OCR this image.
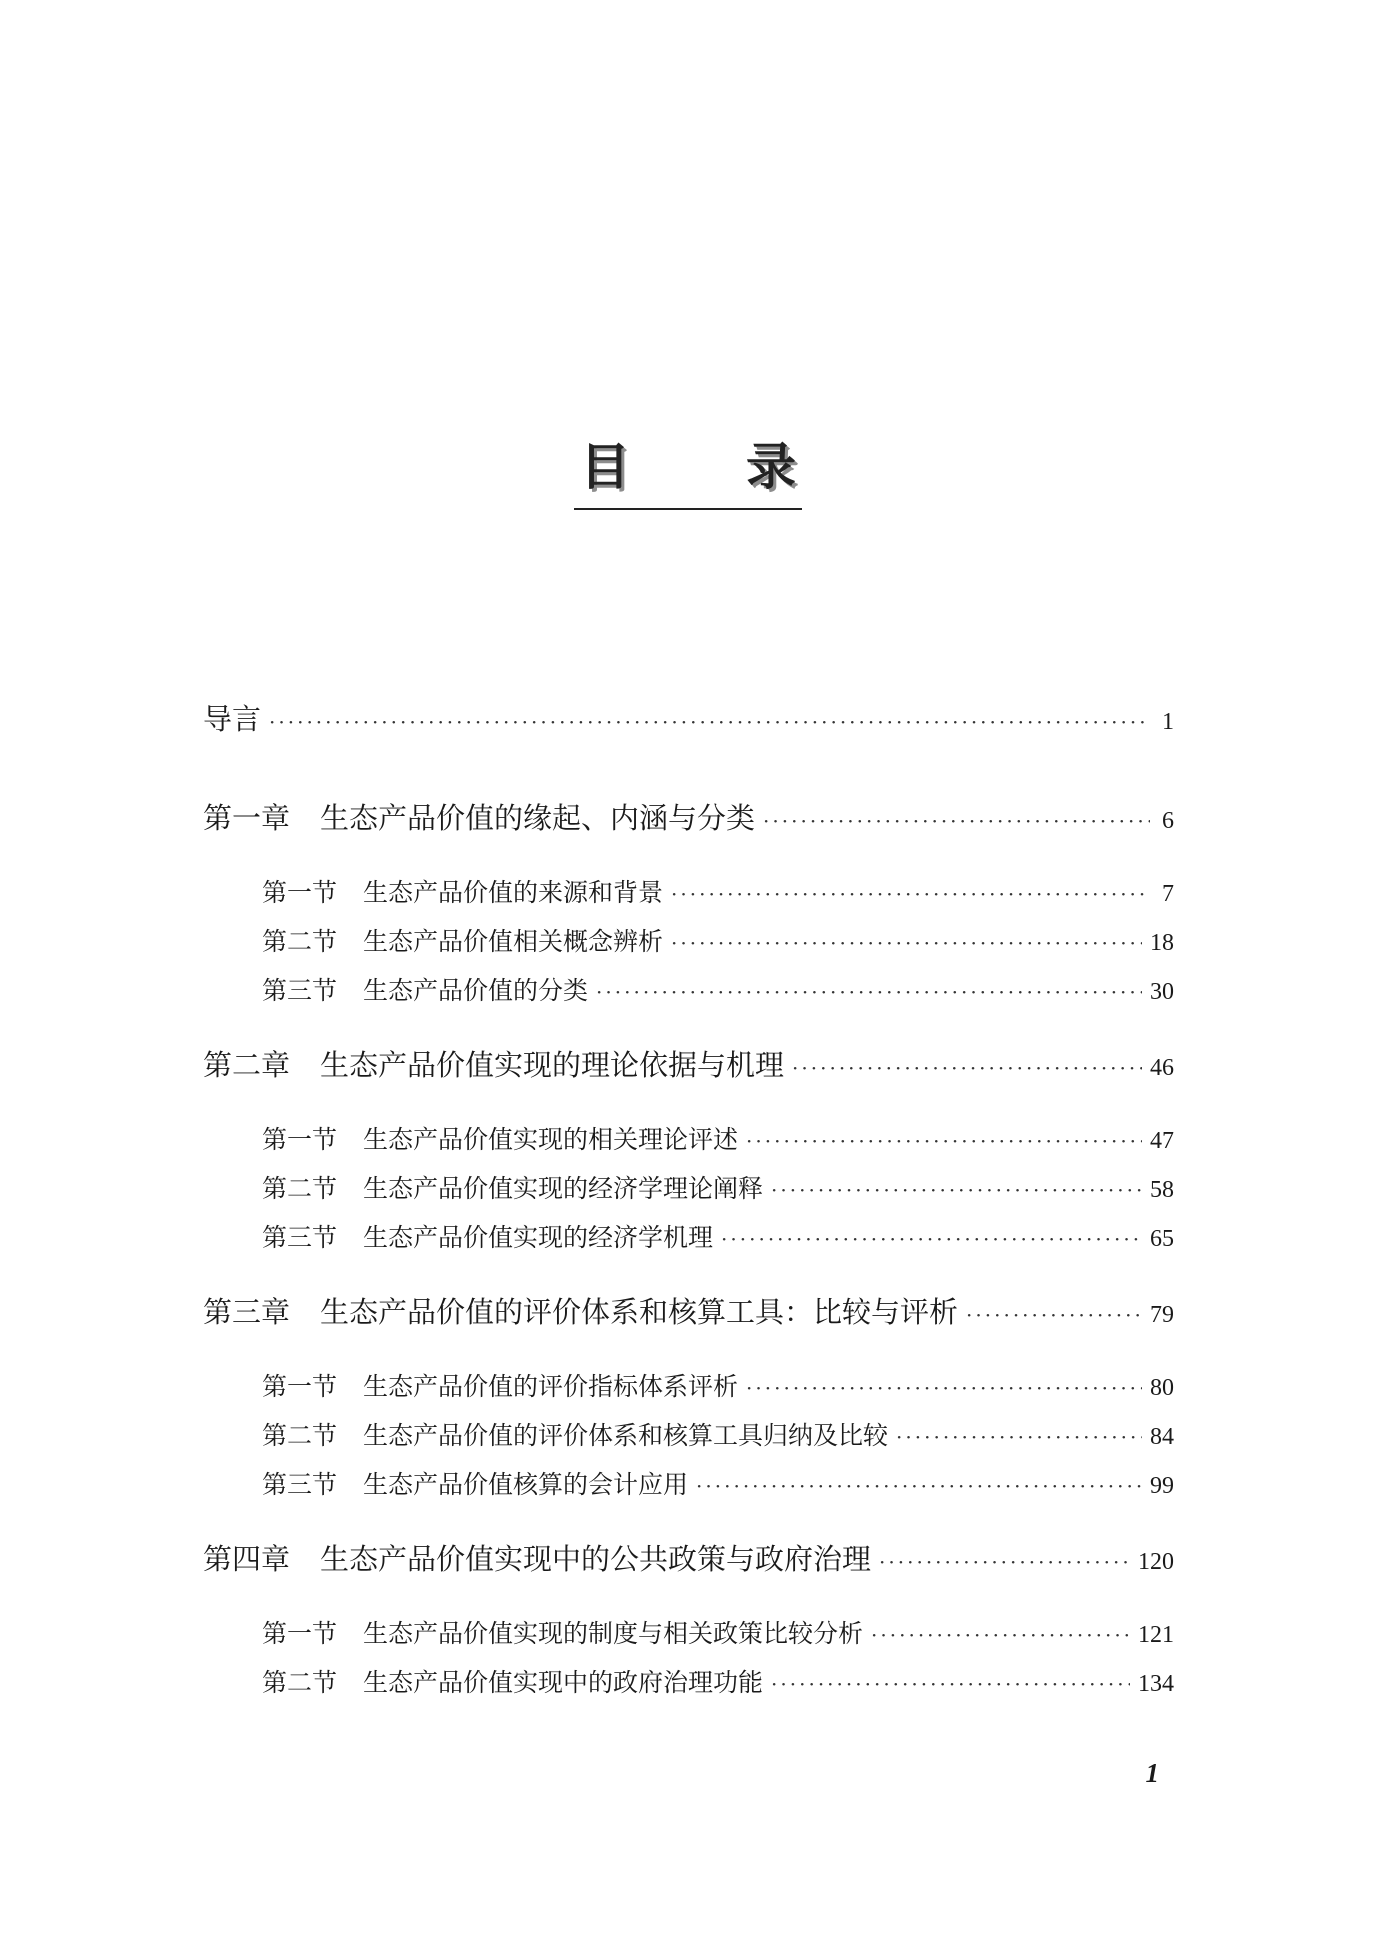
目 录
导言 ·····	1
第一章 生态产品价值的缘起、内涵与分类 ·····	6
第一节 生态产品价值的来源和背景 ·····	7
第二节 生态产品价值相关概念辨析 ·····	18
第三节 生态产品价值的分类 ·····	30
第二章 生态产品价值实现的理论依据与机理 ·····	46
第一节 生态产品价值实现的相关理论评述 ·····	47
第二节 生态产品价值实现的经济学理论阐释 ·····	58
第三节 生态产品价值实现的经济学机理 ·····	65
第三章 生态产品价值的评价体系和核算工具：比较与评析 ·····	79
第一节 生态产品价值的评价指标体系评析 ·····	80
第二节 生态产品价值的评价体系和核算工具归纳及比较 ·····	84
第三节 生态产品价值核算的会计应用 ·····	99
第四章 生态产品价值实现中的公共政策与政府治理 ·····	120
第一节 生态产品价值实现的制度与相关政策比较分析 ·····	121
第二节 生态产品价值实现中的政府治理功能 ·····	134
1
